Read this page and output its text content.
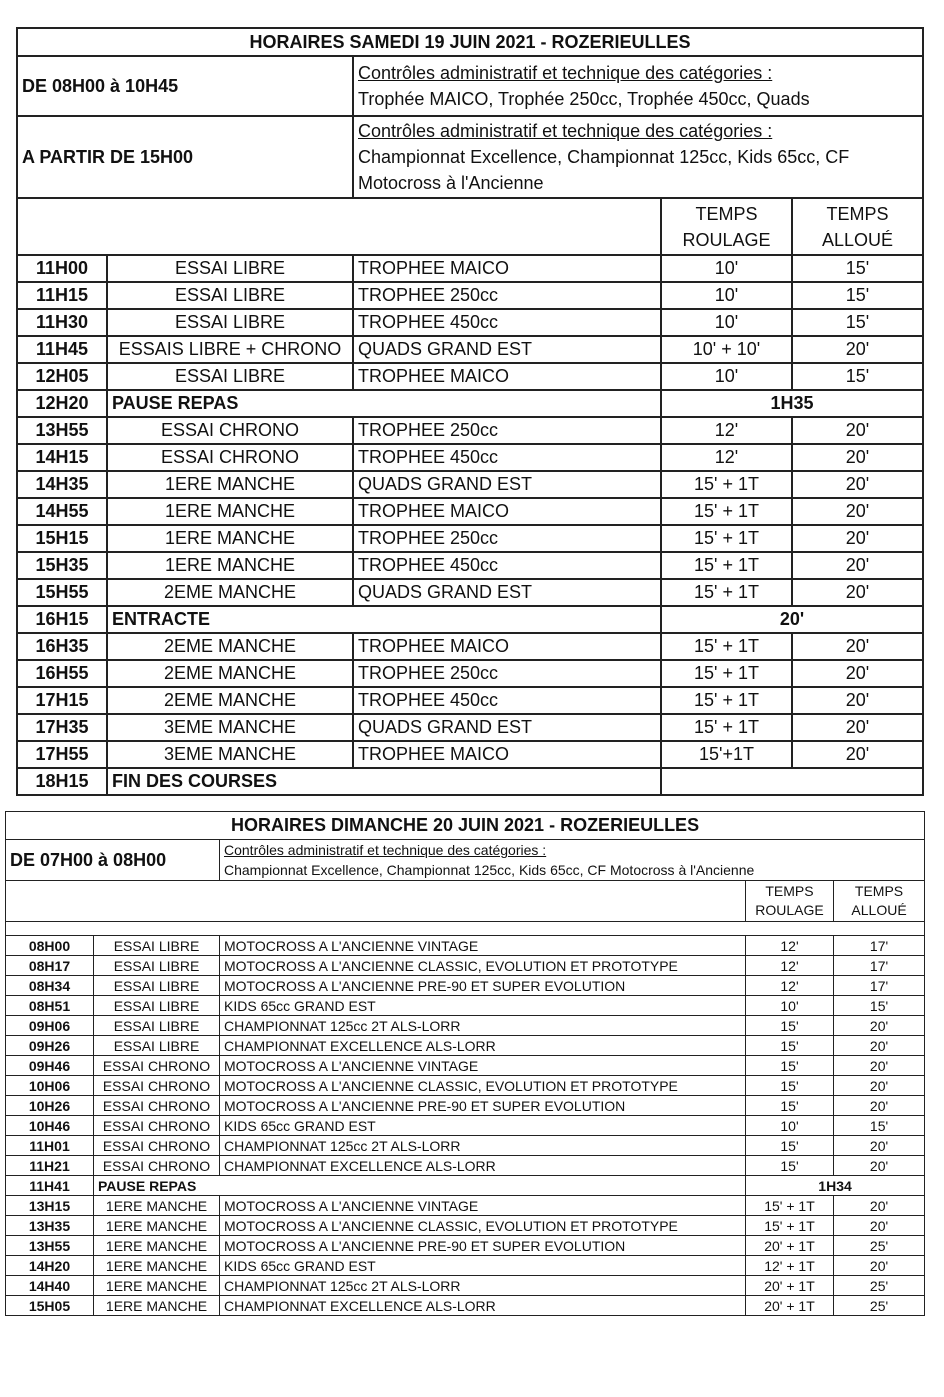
HORAIRES SAMEDI 19 JUIN 2021 - ROZERIEULLES				
DE 08H00 à 10H45		Contrôles administratif et technique des catégories :
Trophée MAICO, Trophée 250cc, Trophée 450cc, Quads		

A PARTIR DE 15H00		Contrôles administratif et technique des catégories :
Championnat Excellence, Championnat 125cc, Kids 65cc, CF
Motocross à l'Ancienne		

			TEMPS
ROULAGE	TEMPS
ALLOUÉ

11H00	ESSAI LIBRE	TROPHEE MAICO	10'	15'
11H15	ESSAI LIBRE	TROPHEE 250cc	10'	15'
11H30	ESSAI LIBRE	TROPHEE 450cc	10'	15'
11H45	ESSAIS LIBRE + CHRONO	QUADS GRAND EST	10' + 10'	20'
12H05	ESSAI LIBRE	TROPHEE MAICO	10'	15'
12H20	PAUSE REPAS		1H35	
13H55	ESSAI CHRONO	TROPHEE 250cc	12'	20'
14H15	ESSAI CHRONO	TROPHEE 450cc	12'	20'
14H35	1ERE MANCHE	QUADS GRAND EST	15' + 1T	20'
14H55	1ERE MANCHE	TROPHEE MAICO	15' + 1T	20'
15H15	1ERE MANCHE	TROPHEE 250cc	15' + 1T	20'
15H35	1ERE MANCHE	TROPHEE 450cc	15' + 1T	20'
15H55	2EME MANCHE	QUADS GRAND EST	15' + 1T	20'
16H15	ENTRACTE		20'	
16H35	2EME MANCHE	TROPHEE MAICO	15' + 1T	20'
16H55	2EME MANCHE	TROPHEE 250cc	15' + 1T	20'
17H15	2EME MANCHE	TROPHEE 450cc	15' + 1T	20'
17H35	3EME MANCHE	QUADS GRAND EST	15' + 1T	20'
17H55	3EME MANCHE	TROPHEE MAICO	15'+1T	20'
18H15	FIN DES COURSES			
HORAIRES DIMANCHE 20 JUIN 2021 - ROZERIEULLES				
DE 07H00 à 08H00		Contrôles administratif et technique des catégories :
Championnat Excellence, Championnat 125cc, Kids 65cc, CF Motocross à l'Ancienne		

			TEMPS
ROULAGE	TEMPS
ALLOUÉ

08H00	ESSAI LIBRE	MOTOCROSS A L'ANCIENNE VINTAGE	12'	17'
08H17	ESSAI LIBRE	MOTOCROSS A L'ANCIENNE CLASSIC, EVOLUTION ET PROTOTYPE	12'	17'
08H34	ESSAI LIBRE	MOTOCROSS A L'ANCIENNE PRE-90 ET SUPER EVOLUTION	12'	17'
08H51	ESSAI LIBRE	KIDS 65cc GRAND EST	10'	15'
09H06	ESSAI LIBRE	CHAMPIONNAT 125cc 2T ALS-LORR	15'	20'
09H26	ESSAI LIBRE	CHAMPIONNAT EXCELLENCE ALS-LORR	15'	20'
09H46	ESSAI CHRONO	MOTOCROSS A L'ANCIENNE VINTAGE	15'	20'
10H06	ESSAI CHRONO	MOTOCROSS A L'ANCIENNE CLASSIC, EVOLUTION ET PROTOTYPE	15'	20'
10H26	ESSAI CHRONO	MOTOCROSS A L'ANCIENNE PRE-90 ET SUPER EVOLUTION	15'	20'
10H46	ESSAI CHRONO	KIDS 65cc GRAND EST	10'	15'
11H01	ESSAI CHRONO	CHAMPIONNAT 125cc 2T ALS-LORR	15'	20'
11H21	ESSAI CHRONO	CHAMPIONNAT EXCELLENCE ALS-LORR	15'	20'
11H41	PAUSE REPAS		1H34	
13H15	1ERE MANCHE	MOTOCROSS A L'ANCIENNE VINTAGE	15' + 1T	20'
13H35	1ERE MANCHE	MOTOCROSS A L'ANCIENNE CLASSIC, EVOLUTION ET PROTOTYPE	15' + 1T	20'
13H55	1ERE MANCHE	MOTOCROSS A L'ANCIENNE PRE-90 ET SUPER EVOLUTION	20' + 1T	25'
14H20	1ERE MANCHE	KIDS 65cc GRAND EST	12' + 1T	20'
14H40	1ERE MANCHE	CHAMPIONNAT 125cc 2T ALS-LORR	20' + 1T	25'
15H05	1ERE MANCHE	CHAMPIONNAT EXCELLENCE ALS-LORR	20' + 1T	25'
